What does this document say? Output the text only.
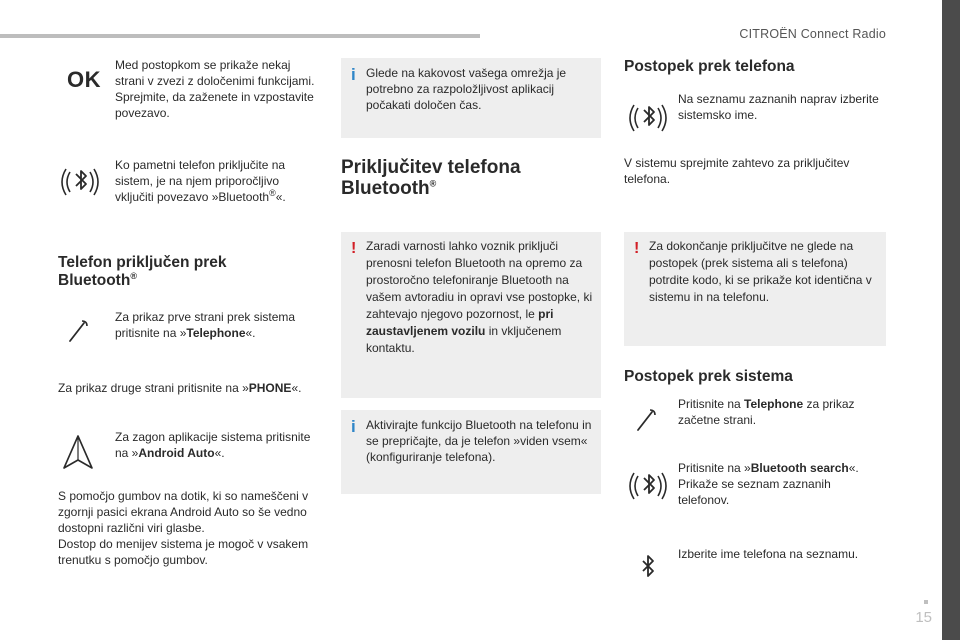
CITROËN Connect Radio
15
OK
Med postopkom se prikaže nekaj strani v zvezi z določenimi funkcijami.
Sprejmite, da zaženete in vzpostavite povezavo.
Ko pametni telefon priključite na sistem, je na njem priporočljivo vključiti povezavo »Bluetooth®«.
Telefon priključen prek Bluetooth®
Za prikaz prve strani prek sistema pritisnite na »Telephone«.
Za prikaz druge strani pritisnite na »PHONE«.
Za zagon aplikacije sistema pritisnite na »Android Auto«.
S pomočjo gumbov na dotik, ki so nameščeni v zgornji pasici ekrana Android Auto so še vedno dostopni različni viri glasbe.
Dostop do menijev sistema je mogoč v vsakem trenutku s pomočjo gumbov.
i Glede na kakovost vašega omrežja je potrebno za razpoložljivost aplikacij počakati določen čas.
Priključitev telefona
Bluetooth®
! Zaradi varnosti lahko voznik priključi prenosni telefon Bluetooth na opremo za prostoročno telefoniranje Bluetooth na vašem avtoradiu in opravi vse postopke, ki zahtevajo njegovo pozornost, le pri zaustavljenem vozilu in vključenem kontaktu.
i Aktivirajte funkcijo Bluetooth na telefonu in se prepričajte, da je telefon »viden vsem« (konfiguriranje telefona).
Postopek prek telefona
Na seznamu zaznanih naprav izberite sistemsko ime.
V sistemu sprejmite zahtevo za priključitev telefona.
! Za dokončanje priključitve ne glede na postopek (prek sistema ali s telefona) potrdite kodo, ki se prikaže kot identična v sistemu in na telefonu.
Postopek prek sistema
Pritisnite na Telephone za prikaz začetne strani.
Pritisnite na »Bluetooth search«.
Prikaže se seznam zaznanih telefonov.
Izberite ime telefona na seznamu.
